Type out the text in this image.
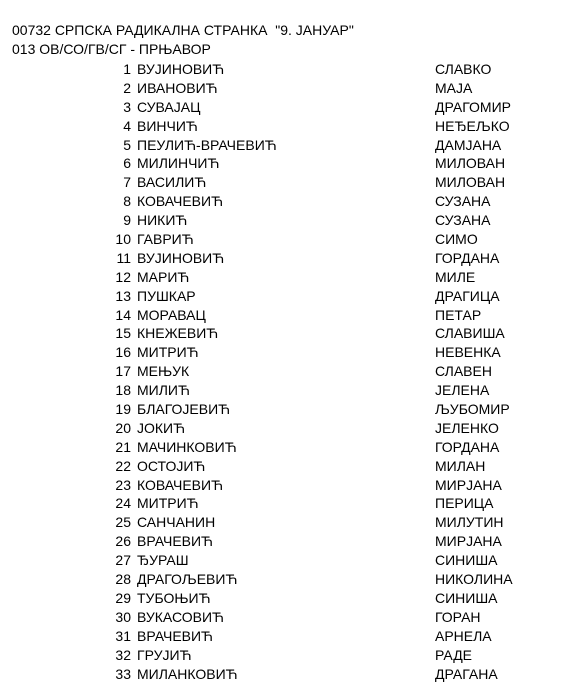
00732 СРПСКА РАДИКАЛНА СТРАНКА  "9. ЈАНУАР"
013 ОВ/СО/ГВ/СГ - ПРЊАВОР
1 ВУЈИНОВИЋ	СЛАВКО
2 ИВАНОВИЋ	МАЈА
3 СУВАЈАЦ	ДРАГОМИР
4 ВИНЧИЋ	НЕЂЕЉКО
5 ПЕУЛИЋ-ВРАЧЕВИЋ	ДАМЈАНА
6 МИЛИНЧИЋ	МИЛОВАН
7 ВАСИЛИЋ	МИЛОВАН
8 КОВАЧЕВИЋ	СУЗАНА
9 НИКИЋ	СУЗАНА
10 ГАВРИЋ	СИМО
11 ВУЈИНОВИЋ	ГОРДАНА
12 МАРИЋ	МИЛЕ
13 ПУШКАР	ДРАГИЦА
14 МОРАВАЦ	ПЕТАР
15 КНЕЖЕВИЋ	СЛАВИША
16 МИТРИЋ	НЕВЕНКА
17 МЕЊУК	СЛАВЕН
18 МИЛИЋ	ЈЕЛЕНА
19 БЛАГОЈЕВИЋ	ЉУБОМИР
20 ЈОКИЋ	ЈЕЛЕНКО
21 МАЧИНКОВИЋ	ГОРДАНА
22 ОСТОЈИЋ	МИЛАН
23 КОВАЧЕВИЋ	МИРЈАНА
24 МИТРИЋ	ПЕРИЦА
25 САНЧАНИН	МИЛУТИН
26 ВРАЧЕВИЋ	МИРЈАНА
27 ЂУРАШ	СИНИША
28 ДРАГОЉЕВИЋ	НИКОЛИНА
29 ТУБОЊИЋ	СИНИША
30 ВУКАСОВИЋ	ГОРАН
31 ВРАЧЕВИЋ	АРНЕЛА
32 ГРУЈИЋ	РАДЕ
33 МИЛАНКОВИЋ	ДРАГАНА
